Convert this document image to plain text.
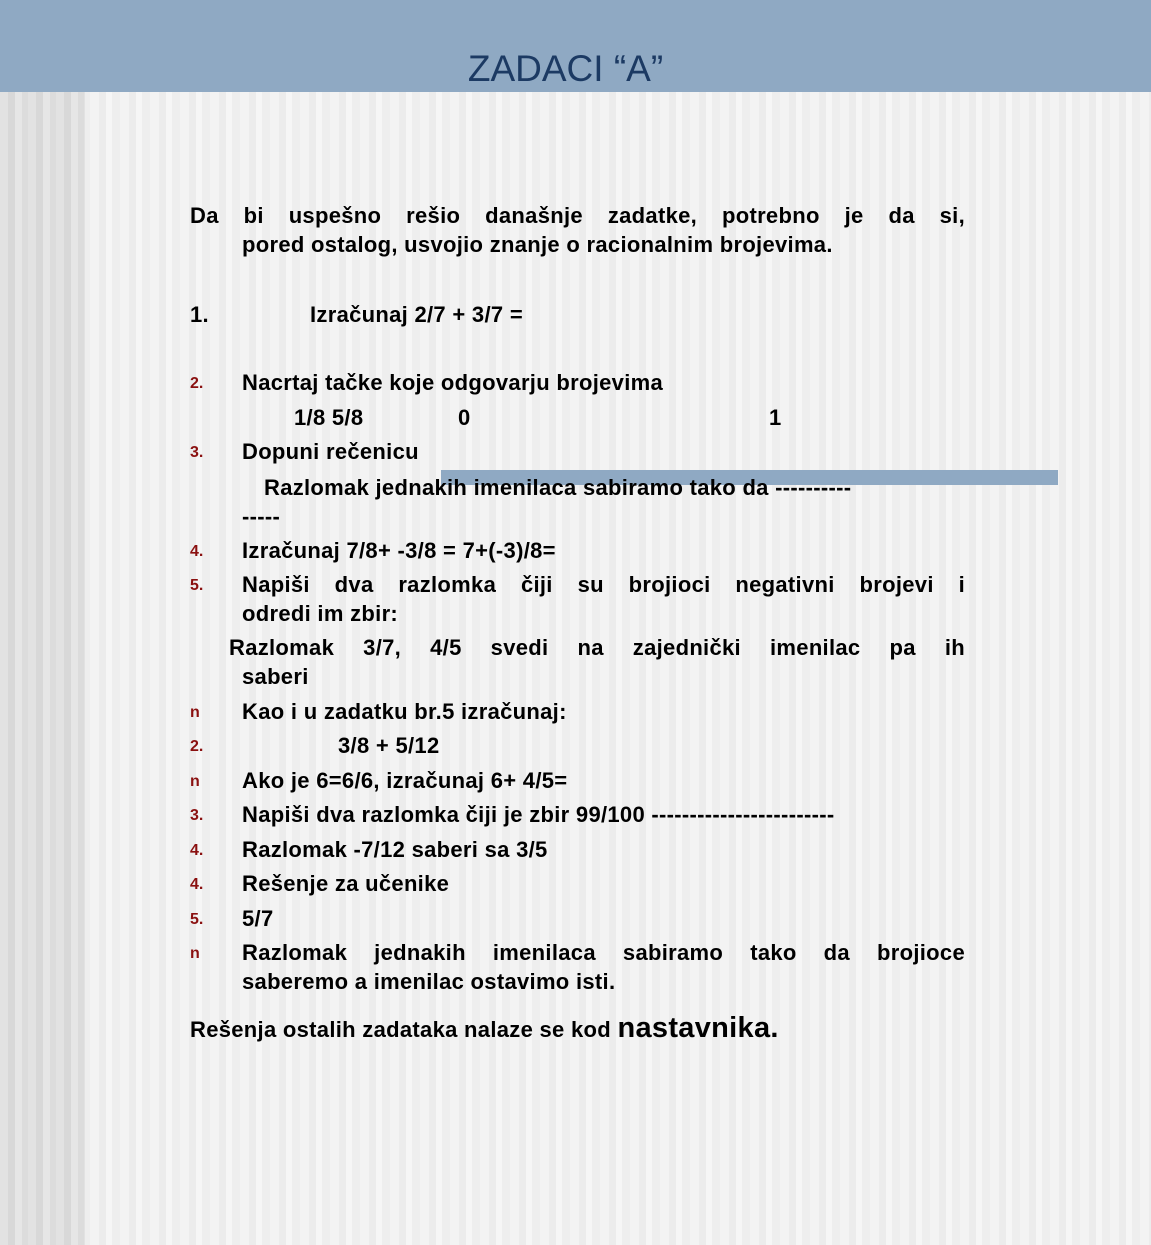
ZADACI “A”
Da bi uspešno rešio današnje zadatke, potrebno je da si,
pored ostalog, usvojio znanje o racionalnim brojevima.
1.	Izračunaj 2/7 + 3/7 =
2. Nacrtaj tačke koje odgovarju brojevima
1/8 5/8	0	1
3. Dopuni rečenicu
Razlomak jednakih imenilaca sabiramo tako da ----------
-----
4. Izračunaj 7/8+ -3/8 = 7+(-3)/8=
5. Napiši dva razlomka čiji su brojioci negativni brojevi i
odredi im zbir:
Razlomak 3/7, 4/5 svedi na zajednički imenilac pa ih
saberi
n Kao i u zadatku br.5 izračunaj:
2.	3/8 + 5/12
n Ako je 6=6/6, izračunaj 6+ 4/5=
3. Napiši dva razlomka čiji je zbir 99/100 ------------------------
4. Razlomak -7/12 saberi sa 3/5
4. Rešenje za učenike
5. 5/7
n Razlomak jednakih imenilaca sabiramo tako da brojioce
saberemo a imenilac ostavimo isti.
Rešenja ostalih zadataka nalaze se kod nastavnika.
